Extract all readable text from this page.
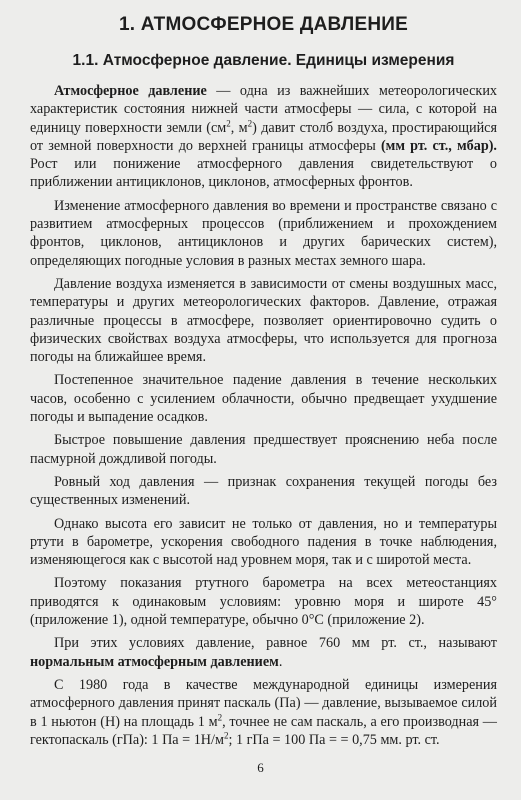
1. АТМОСФЕРНОЕ ДАВЛЕНИЕ
1.1. Атмосферное давление. Единицы измерения

Атмосферное давление — одна из важнейших метеорологических характеристик состояния нижней части атмосферы — сила, с которой на единицу поверхности земли ($см^2$, $м^2$) давит столб воздуха, простирающийся от земной поверхности до верхней границы атмосферы (мм рт. ст., мбар). Рост или понижение атмосферного давления свидетельствуют о приближении антициклонов, циклонов, атмосферных фронтов.

Изменение атмосферного давления во времени и пространстве связано с развитием атмосферных процессов (приближением и прохождением фронтов, циклонов, антициклонов и других барических систем), определяющих погодные условия в разных местах земного шара.

Давление воздуха изменяется в зависимости от смены воздушных масс, температуры и других метеорологических факторов. Давление, отражая различные процессы в атмосфере, позволяет ориентировочно судить о физических свойствах воздуха атмосферы, что используется для прогноза погоды на ближайшее время.

Постепенное значительное падение давления в течение нескольких часов, особенно с усилением облачности, обычно предвещает ухудшение погоды и выпадение осадков.

Быстрое повышение давления предшествует прояснению неба после пасмурной дождливой погоды.

Ровный ход давления — признак сохранения текущей погоды без существенных изменений.

Однако высота его зависит не только от давления, но и температуры ртути в барометре, ускорения свободного падения в точке наблюдения, изменяющегося как с высотой над уровнем моря, так и с широтой места.

Поэтому показания ртутного барометра на всех метеостанциях приводятся к одинаковым условиям: уровню моря и широте 45° (приложение 1), одной температуре, обычно 0°С (приложение 2).

При этих условиях давление, равное 760 мм рт. ст., называют нормальным атмосферным давлением.

С 1980 года в качестве международной единицы измерения атмосферного давления принят паскаль (Па) — давление, вызываемое силой в 1 ньютон (Н) на площадь 1 $м^2$, точнее не сам паскаль, а его производная — гектопаскаль (гПа): 1 Па = $1Н/м^2$; 1 гПа = 100 Па = = 0,75 мм. рт. ст.

6
